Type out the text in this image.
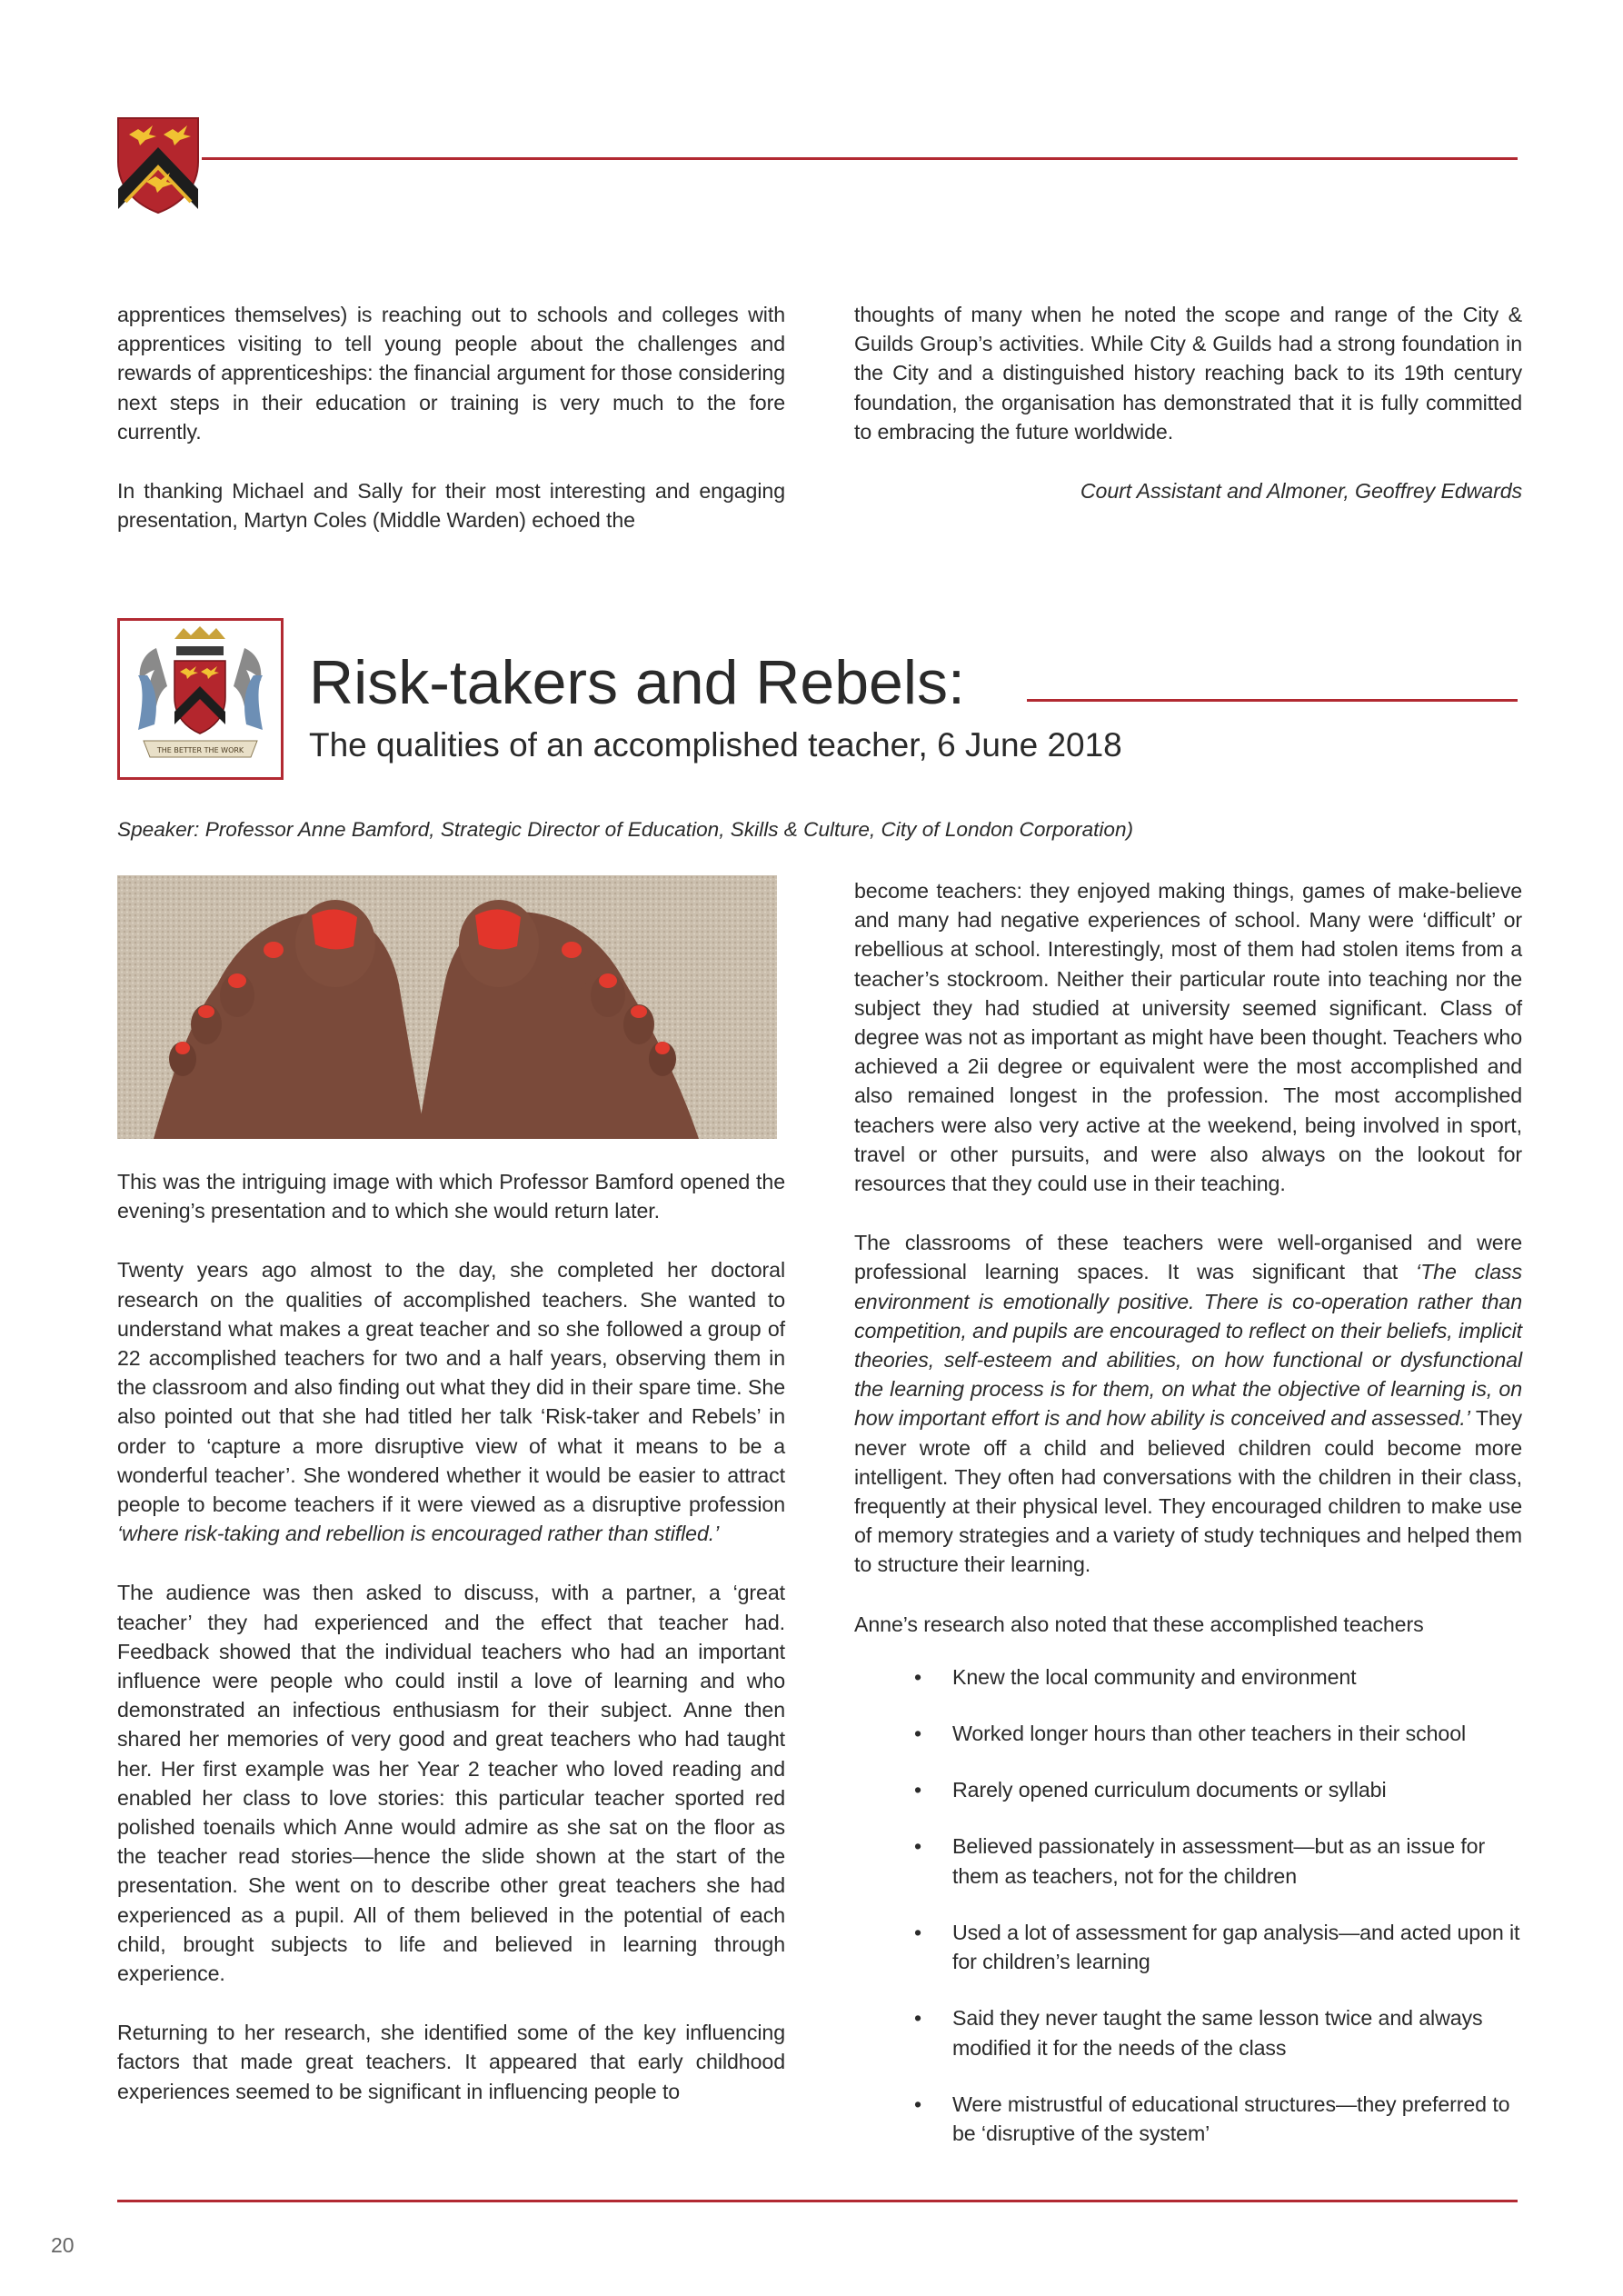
apprentices themselves) is reaching out to schools and colleges with apprentices visiting to tell young people about the challenges and rewards of apprenticeships: the financial argument for those considering next steps in their education or training is very much to the fore currently.

In thanking Michael and Sally for their most interesting and engaging presentation, Martyn Coles (Middle Warden) echoed the

thoughts of many when he noted the scope and range of the City & Guilds Group’s activities. While City & Guilds had a strong foundation in the City and a distinguished history reaching back to its 19th century foundation, the organisation has demonstrated that it is fully committed to embracing the future worldwide.

Court Assistant and Almoner, Geoffrey Edwards

THE BETTER THE WORK
Risk-takers and Rebels:
The qualities of an accomplished teacher, 6 June 2018
Speaker: Professor Anne Bamford, Strategic Director of Education, Skills & Culture, City of London Corporation)

This was the intriguing image with which Professor Bamford opened the evening’s presentation and to which she would return later.

Twenty years ago almost to the day, she completed her doctoral research on the qualities of accomplished teachers. She wanted to understand what makes a great teacher and so she followed a group of 22 accomplished teachers for two and a half years, observing them in the classroom and also finding out what they did in their spare time. She also pointed out that she had titled her talk ‘Risk-taker and Rebels’ in order to ‘capture a more disruptive view of what it means to be a wonderful teacher’. She wondered whether it would be easier to attract people to become teachers if it were viewed as a disruptive profession ‘where risk-taking and rebellion is encouraged rather than stifled.’

The audience was then asked to discuss, with a partner, a ‘great teacher’ they had experienced and the effect that teacher had. Feedback showed that the individual teachers who had an important influence were people who could instil a love of learning and who demonstrated an infectious enthusiasm for their subject. Anne then shared her memories of very good and great teachers who had taught her. Her first example was her Year 2 teacher who loved reading and enabled her class to love stories: this particular teacher sported red polished toenails which Anne would admire as she sat on the floor as the teacher read stories—hence the slide shown at the start of the presentation. She went on to describe other great teachers she had experienced as a pupil. All of them believed in the potential of each child, brought subjects to life and believed in learning through experience.

Returning to her research, she identified some of the key influencing factors that made great teachers. It appeared that early childhood experiences seemed to be significant in influencing people to

become teachers: they enjoyed making things, games of make-believe and many had negative experiences of school. Many were ‘difficult’ or rebellious at school. Interestingly, most of them had stolen items from a teacher’s stockroom. Neither their particular route into teaching nor the subject they had studied at university seemed significant. Class of degree was not as important as might have been thought. Teachers who achieved a 2ii degree or equivalent were the most accomplished and also remained longest in the profession. The most accomplished teachers were also very active at the weekend, being involved in sport, travel or other pursuits, and were also always on the lookout for resources that they could use in their teaching.

The classrooms of these teachers were well-organised and were professional learning spaces. It was significant that ‘The class environment is emotionally positive. There is co-operation rather than competition, and pupils are encouraged to reflect on their beliefs, implicit theories, self-esteem and abilities, on how functional or dysfunctional the learning process is for them, on what the objective of learning is, on how important effort is and how ability is conceived and assessed.’ They never wrote off a child and believed children could become more intelligent. They often had conversations with the children in their class, frequently at their physical level. They encouraged children to make use of memory strategies and a variety of study techniques and helped them to structure their learning.

Anne’s research also noted that these accomplished teachers

• Knew the local community and environment
• Worked longer hours than other teachers in their school
• Rarely opened curriculum documents or syllabi
• Believed passionately in assessment—but as an issue for them as teachers, not for the children
• Used a lot of assessment for gap analysis—and acted upon it for children’s learning
• Said they never taught the same lesson twice and always modified it for the needs of the class
• Were mistrustful of educational structures—they preferred to be ‘disruptive of the system’
20
